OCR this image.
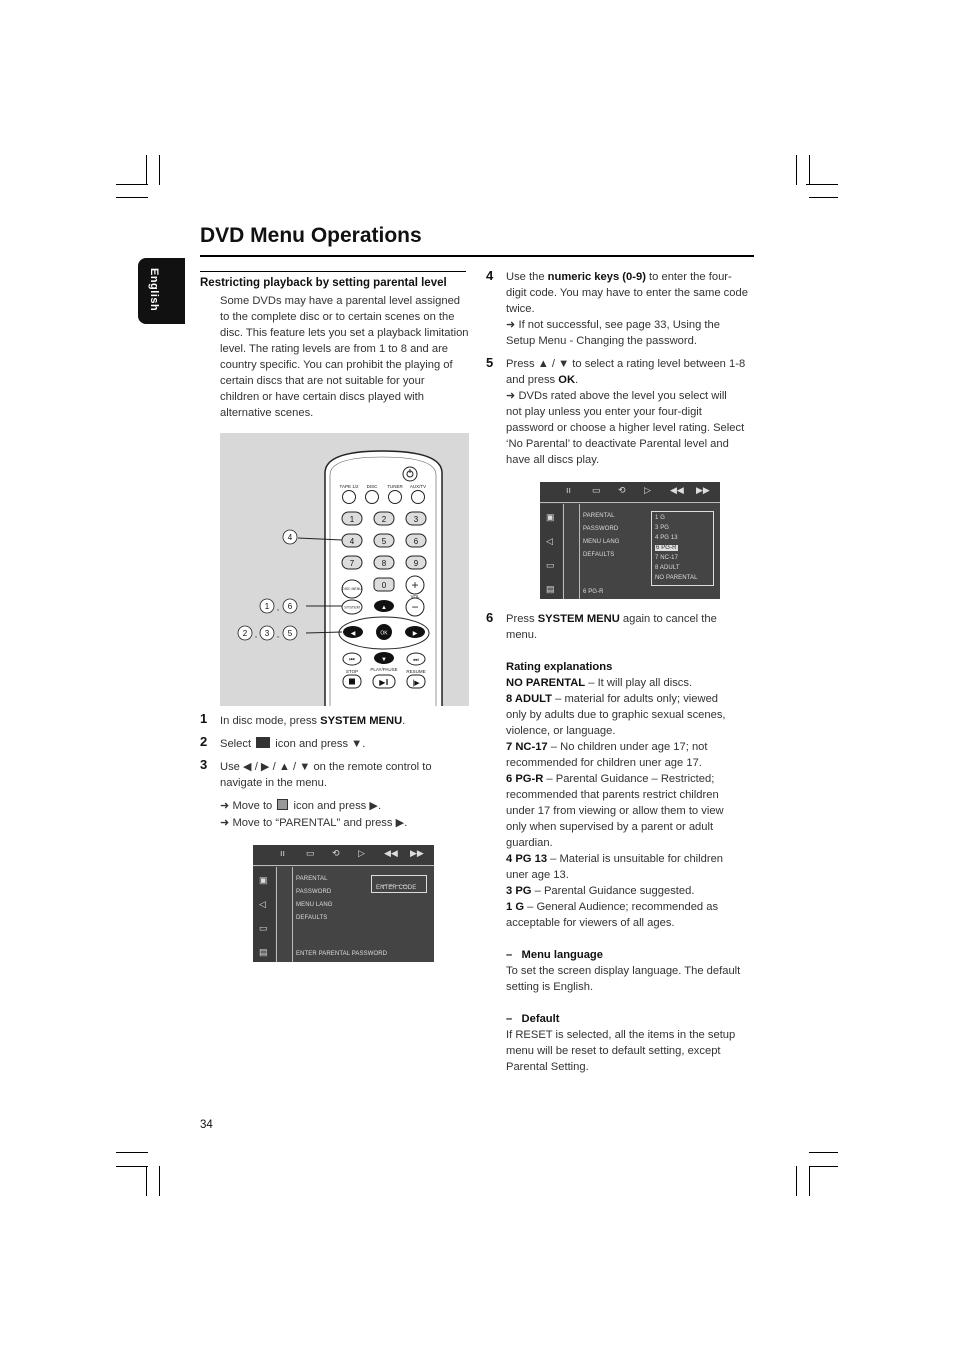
DVD Menu Operations
English	Restricting playback by setting parental level
Some DVDs may have a parental level assigned
to the complete disc or to certain scenes on the
disc. This feature lets you set a playback limitation
level. The rating levels are from 1 to 8 and are
country specific. You can prohibit the playing of
certain discs that are not suitable for your
children or have certain discs played with
alternative scenes.
TAPE 1/2 DISC TUNER AUX/TV
1	2	3
4	5	6
7	8	9
0
DISC MENU	+
−
VOL
SYSTEM	▲
◀	▶
OK
▼
⏮	⏭
STOP	PLAY/PAUSE RESUME
▶‖	|▶
4
1 , 6
2 , 3 , 5
1 In disc mode, press SYSTEM MENU.
2 Select  icon and press ▼.
3 Use ◀ / ▶ / ▲ / ▼ on the remote control to
navigate in the menu.
➜ Move to  icon and press ▶.
➜ Move to “PARENTAL” and press ▶.
ıı ▭ ⟲ ▷ ◀◀ ▶▶
▣
◁
▭
▤
PARENTAL
PASSWORD
MENU LANG
DEFAULTS
_ _ _ _
ENTER CODE
ENTER PARENTAL PASSWORD
4 Use the numeric keys (0-9) to enter the four-
digit code. You may have to enter the same code
twice.
➜ If not successful, see page 33, Using the
Setup Menu - Changing the password.
5 Press ▲ / ▼ to select a rating level between 1-8
and press OK.
➜ DVDs rated above the level you select will
not play unless you enter your four-digit
password or choose a higher level rating. Select
‘No Parental’ to deactivate Parental level and
have all discs play.
ıı ▭ ⟲ ▷ ◀◀ ▶▶
▣
◁
▭
▤
PARENTAL
PASSWORD
MENU LANG
DEFAULTS
1 G
3 PG
4 PG 13
6 PG-R
7 NC-17
8 ADULT
NO PARENTAL
6 PG-R
6 Press SYSTEM MENU again to cancel the
menu.
Rating explanations
NO PARENTAL – It will play all discs.
8 ADULT – material for adults only; viewed
only by adults due to graphic sexual scenes,
violence, or language.
7 NC-17 – No children under age 17; not
recommended for children uner age 17.
6 PG-R – Parental Guidance – Restricted;
recommended that parents restrict children
under 17 from viewing or allow them to view
only when supervised by a parent or adult
guardian.
4 PG 13 – Material is unsuitable for children
uner age 13.
3 PG – Parental Guidance suggested.
1 G – General Audience; recommended as
acceptable for viewers of all ages.
–   Menu language
To set the screen display language. The default
setting is English.
–   Default
If RESET is selected, all the items in the setup
menu will be reset to default setting, except
Parental Setting.
34
